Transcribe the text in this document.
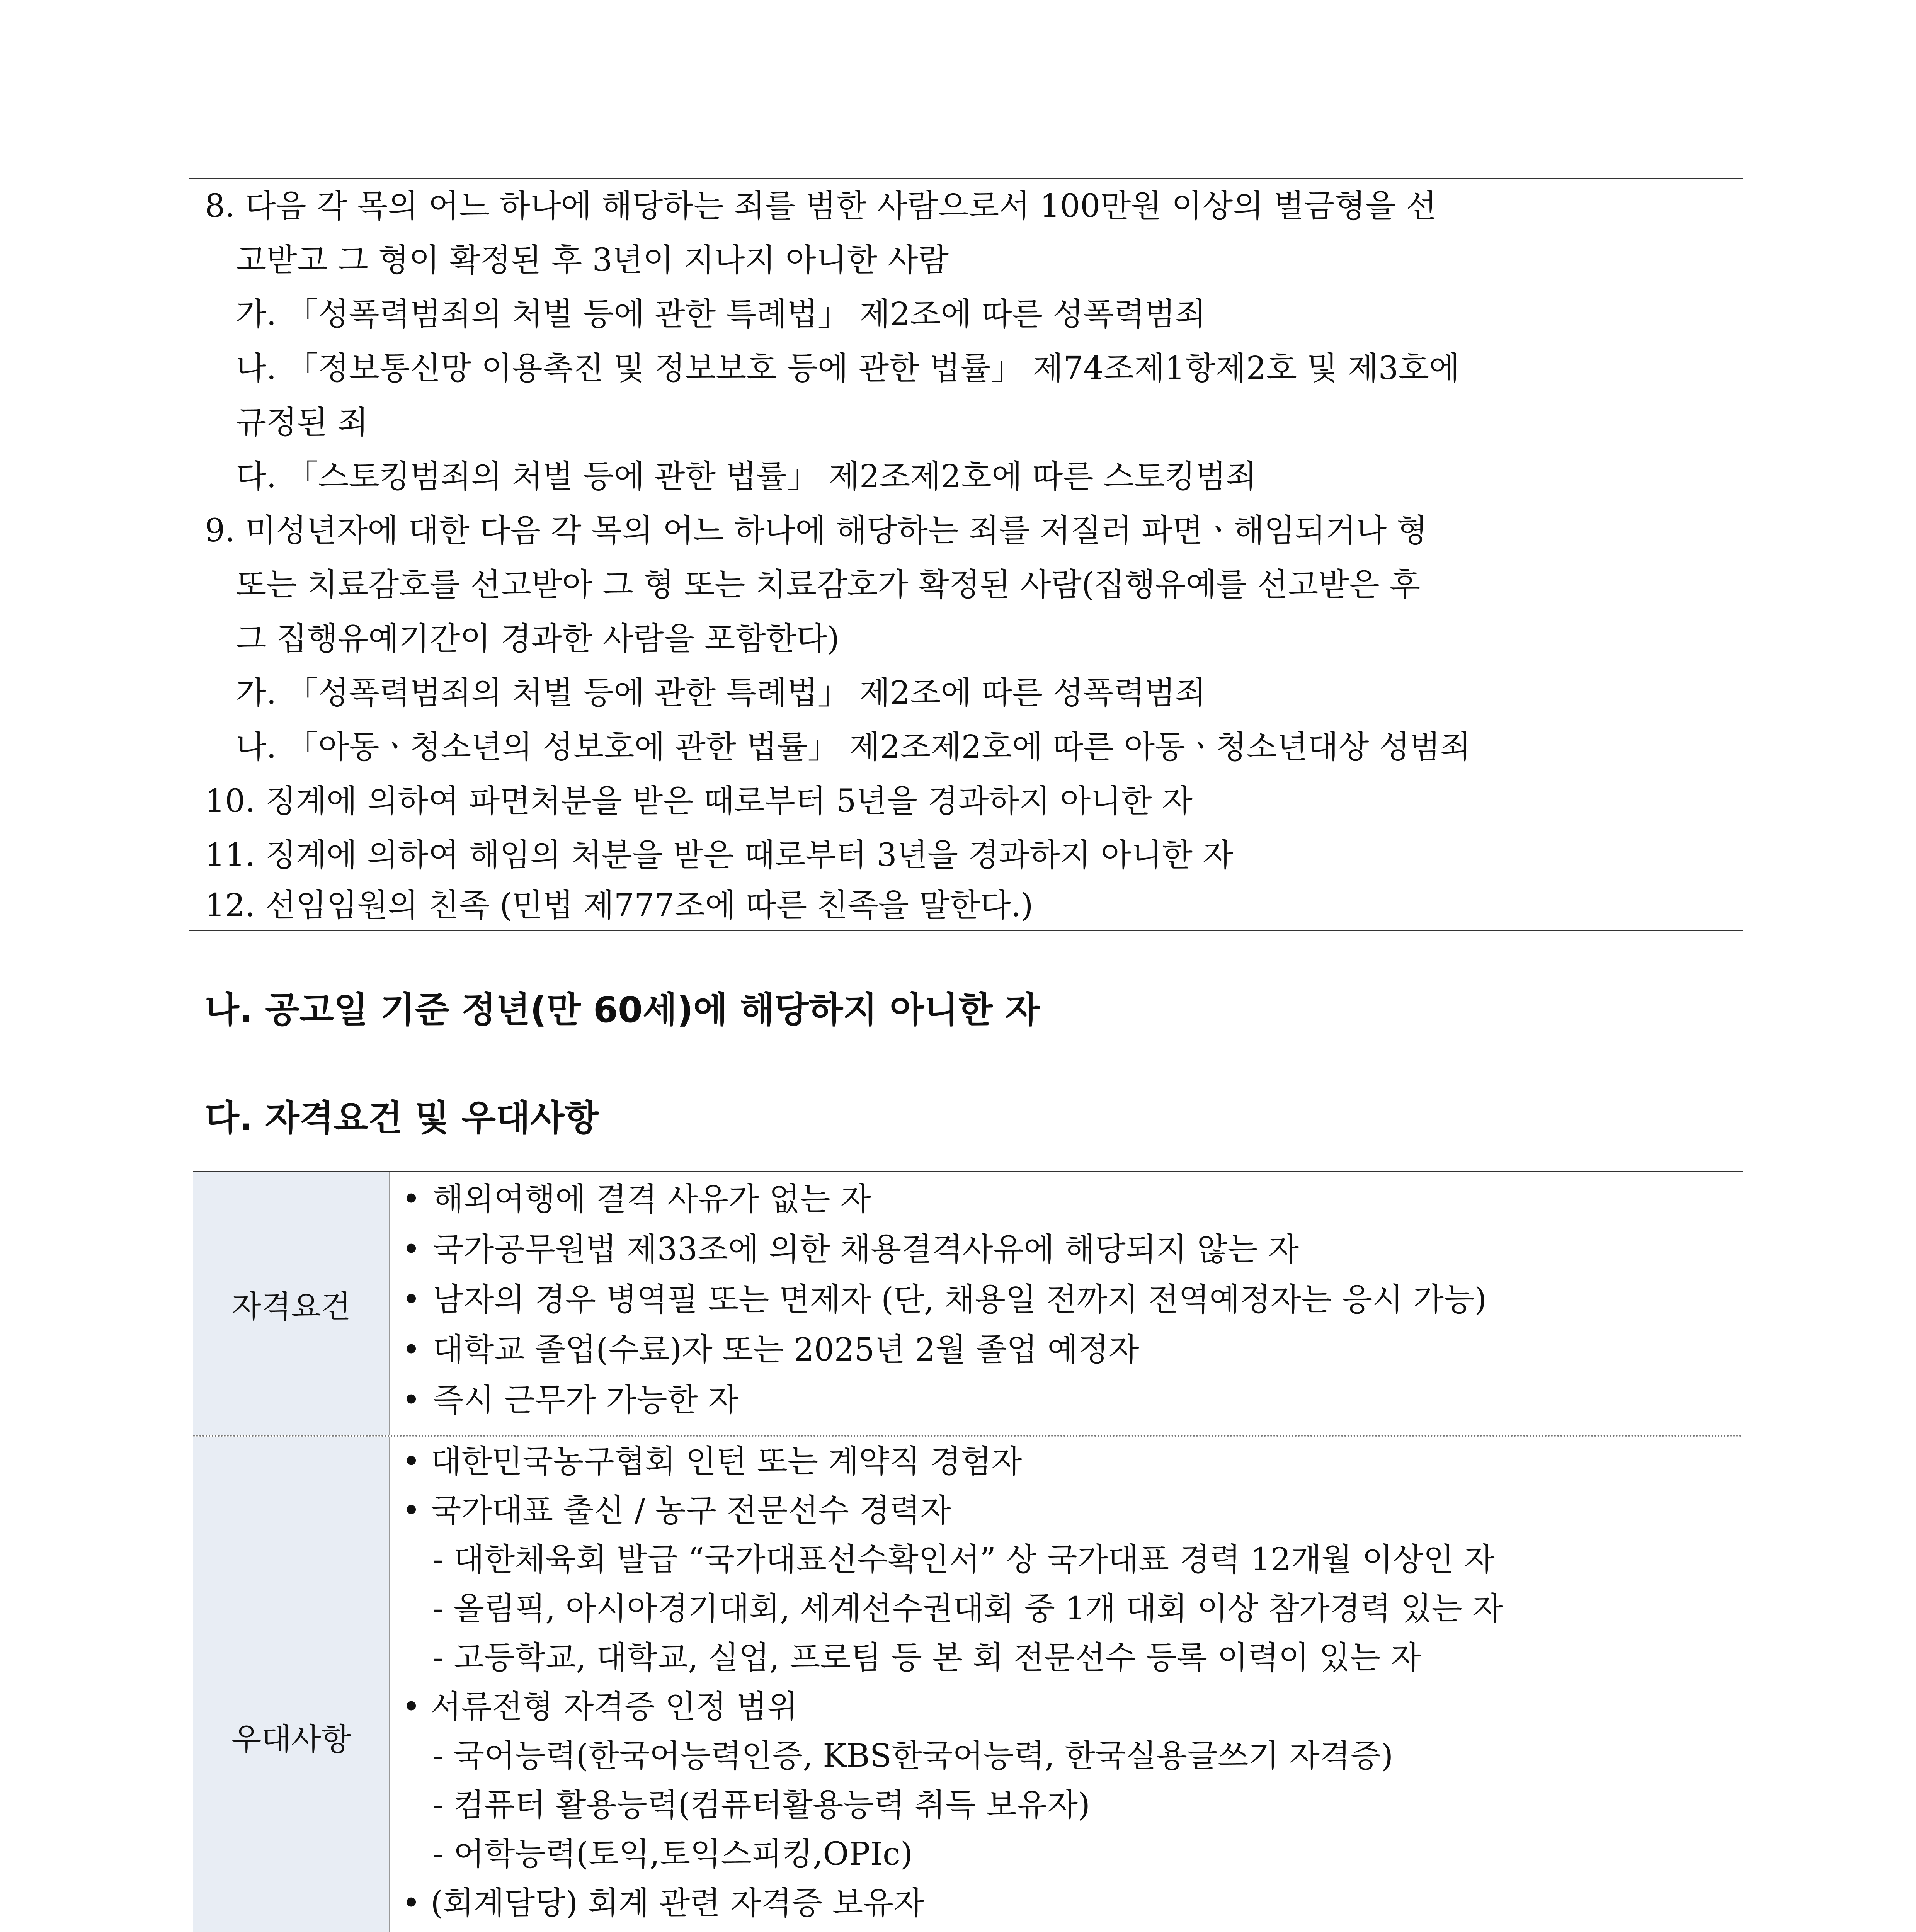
8. 다음 각 목의 어느 하나에 해당하는 죄를 범한 사람으로서 100만원 이상의 벌금형을 선
고받고 그 형이 확정된 후 3년이 지나지 아니한 사람
가. 「성폭력범죄의 처벌 등에 관한 특례법」 제2조에 따른 성폭력범죄
나. 「정보통신망 이용촉진 및 정보보호 등에 관한 법률」 제74조제1항제2호 및 제3호에
규정된 죄
다. 「스토킹범죄의 처벌 등에 관한 법률」 제2조제2호에 따른 스토킹범죄
9. 미성년자에 대한 다음 각 목의 어느 하나에 해당하는 죄를 저질러 파면ㆍ해임되거나 형
또는 치료감호를 선고받아 그 형 또는 치료감호가 확정된 사람(집행유예를 선고받은 후
그 집행유예기간이 경과한 사람을 포함한다)
가. 「성폭력범죄의 처벌 등에 관한 특례법」 제2조에 따른 성폭력범죄
나. 「아동ㆍ청소년의 성보호에 관한 법률」 제2조제2호에 따른 아동ㆍ청소년대상 성범죄
10. 징계에 의하여 파면처분을 받은 때로부터 5년을 경과하지 아니한 자
11. 징계에 의하여 해임의 처분을 받은 때로부터 3년을 경과하지 아니한 자
12. 선임임원의 친족 (민법 제777조에 따른 친족을 말한다.)
나. 공고일 기준 정년(만 60세)에 해당하지 아니한 자
다. 자격요건 및 우대사항
자격요건
• 해외여행에 결격 사유가 없는 자
• 국가공무원법 제33조에 의한 채용결격사유에 해당되지 않는 자
• 남자의 경우 병역필 또는 면제자 (단, 채용일 전까지 전역예정자는 응시 가능)
• 대학교 졸업(수료)자 또는 2025년 2월 졸업 예정자
• 즉시 근무가 가능한 자
우대사항
• 대한민국농구협회 인턴 또는 계약직 경험자
• 국가대표 출신 / 농구 전문선수 경력자
- 대한체육회 발급 “국가대표선수확인서” 상 국가대표 경력 12개월 이상인 자
- 올림픽, 아시아경기대회, 세계선수권대회 중 1개 대회 이상 참가경력 있는 자
- 고등학교, 대학교, 실업, 프로팀 등 본 회 전문선수 등록 이력이 있는 자
• 서류전형 자격증 인정 범위
- 국어능력(한국어능력인증, KBS한국어능력, 한국실용글쓰기 자격증)
- 컴퓨터 활용능력(컴퓨터활용능력 취득 보유자)
- 어학능력(토익,토익스피킹,OPIc)
• (회계담당) 회계 관련 자격증 보유자
